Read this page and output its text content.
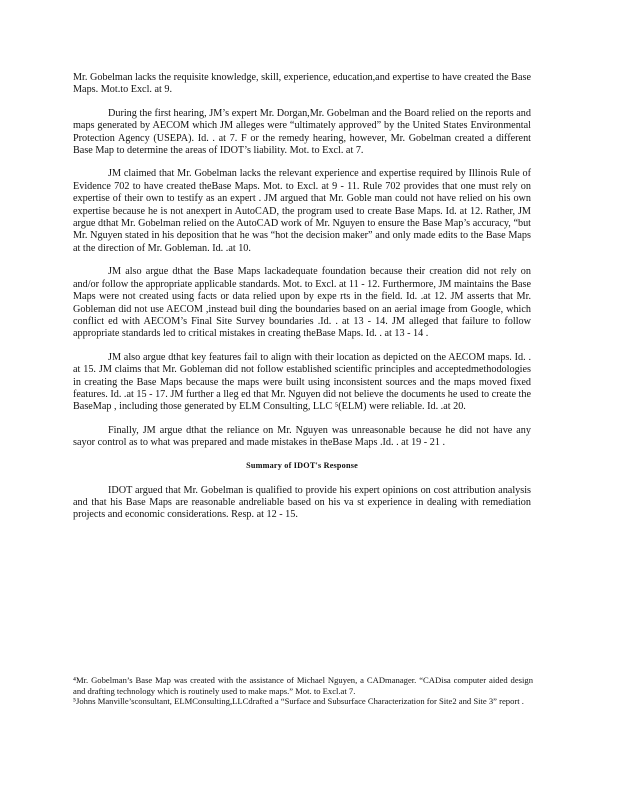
Mr. Gobelman lacks the requisite knowledge, skill, experience, education,and expertise to have created the Base Maps. Mot.to Excl. at 9.

During the first hearing, JM’s expert Mr. Dorgan,Mr. Gobelman and the Board relied on the reports and maps generated by AECOM which JM alleges were “ultimately approved” by the United States Environmental Protection Agency (USEPA). Id. . at 7. F or the remedy hearing, however, Mr. Gobelman created a different Base Map to determine the areas of IDOT’s liability. Mot. to Excl. at 7.

JM claimed that Mr. Gobelman lacks the relevant experience and expertise required by Illinois Rule of Evidence 702 to have created theBase Maps. Mot. to Excl. at 9 - 11. Rule 702 provides that one must rely on expertise of their own to testify as an expert . JM argued that Mr. Goble man could not have relied on his own expertise because he is not anexpert in AutoCAD, the program used to create Base Maps. Id. at 12. Rather, JM argue dthat Mr. Gobelman relied on the AutoCAD work of Mr. Nguyen to ensure the Base Map’s accuracy, “but Mr. Nguyen stated in his deposition that he was “hot the decision maker” and only made edits to the Base Maps at the direction of Mr. Gobleman. Id. .at 10.

JM also argue dthat the Base Maps lackadequate foundation because their creation did not rely on and/or follow the appropriate applicable standards. Mot. to Excl. at 11 - 12. Furthermore, JM maintains the Base Maps were not created using facts or data relied upon by expe rts in the field. Id. .at 12. JM asserts that Mr. Gobleman did not use AECOM ,instead buil ding the boundaries based on an aerial image from Google, which conflict ed with AECOM’s Final Site Survey boundaries .Id. . at 13 - 14. JM alleged that failure to follow appropriate standards led to critical mistakes in creating theBase Maps. Id. . at 13 - 14 .

JM also argue dthat key features fail to align with their location as depicted on the AECOM maps. Id. . at 15. JM claims that Mr. Gobleman did not follow established scientific principles and acceptedmethodologies in creating the Base Maps because the maps were built using inconsistent sources and the maps moved fixed features. Id. .at 15 - 17. JM further a lleg ed that Mr. Nguyen did not believe the documents he used to create the BaseMap , including those generated by ELM Consulting, LLC ⁵(ELM) were reliable. Id. .at 20.

Finally, JM argue dthat the reliance on Mr. Nguyen was unreasonable because he did not have any sayor control as to what was prepared and made mistakes in theBase Maps .Id. . at 19 - 21 .

Summary of IDOT's Response

IDOT argued that Mr. Gobelman is qualified to provide his expert opinions on cost attribution analysis and that his Base Maps are reasonable andreliable based on his va st experience in dealing with remediation projects and economic considerations. Resp. at 12 - 15.

⁴Mr. Gobelman’s Base Map was created with the assistance of Michael Nguyen, a CADmanager. “CADisa computer aided design and drafting technology which is routinely used to make maps.” Mot. to Excl.at 7.

⁵Johns Manville’sconsultant, ELMConsulting,LLCdrafted a “Surface and Subsurface Characterization for Site2 and Site 3” report .
